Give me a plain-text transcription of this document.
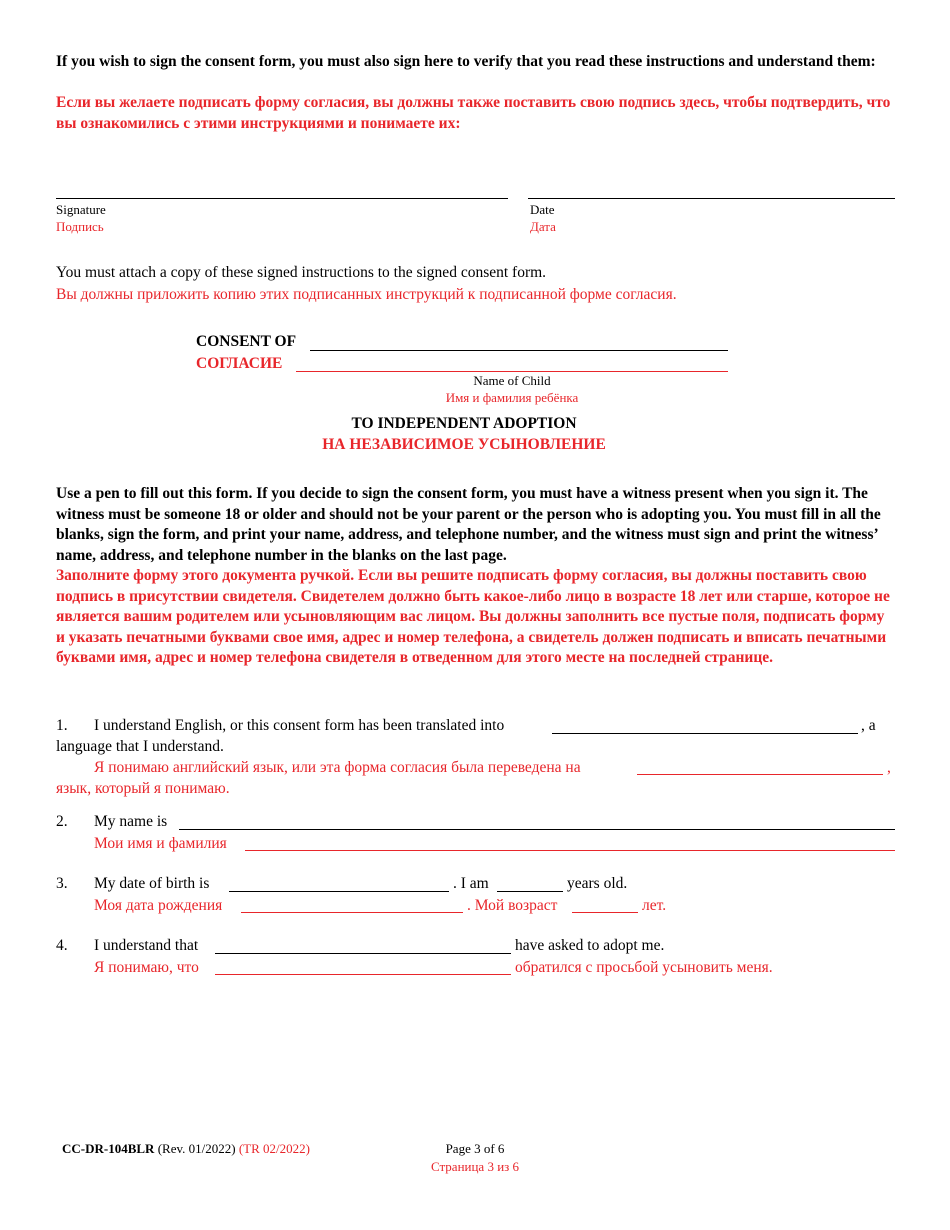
If you wish to sign the consent form, you must also sign here to verify that you read these instructions and understand them:
Если вы желаете подписать форму согласия, вы должны также поставить свою подпись здесь, чтобы подтвердить, что вы ознакомились с этими инструкциями и понимаете их:
Signature
Подпись
Date
Дата
You must attach a copy of these signed instructions to the signed consent form.
Вы должны приложить копию этих подписанных инструкций к подписанной форме согласия.
CONSENT OF
СОГЛАСИЕ
Name of Child
Имя и фамилия ребёнка
TO INDEPENDENT ADOPTION
НА НЕЗАВИСИМОЕ УСЫНОВЛЕНИЕ
Use a pen to fill out this form. If you decide to sign the consent form, you must have a witness present when you sign it. The witness must be someone 18 or older and should not be your parent or the person who is adopting you. You must fill in all the blanks, sign the form, and print your name, address, and telephone number, and the witness must sign and print the witness’ name, address, and telephone number in the blanks on the last page.
Заполните форму этого документа ручкой. Если вы решите подписать форму согласия, вы должны поставить свою подпись в присутствии свидетеля. Свидетелем должно быть какое-либо лицо в возрасте 18 лет или старше, которое не является вашим родителем или усыновляющим вас лицом. Вы должны заполнить все пустые поля, подписать форму и указать печатными буквами свое имя, адрес и номер телефона, а свидетель должен подписать и вписать печатными буквами имя, адрес и номер телефона свидетеля в отведенном для этого месте на последней странице.
1. I understand English, or this consent form has been translated into	, a
language that I understand.
Я понимаю английский язык, или эта форма согласия была переведена на	,
язык, который я понимаю.
2. My name is
Мои имя и фамилия
3. My date of birth is	. I am	years old.
Моя дата рождения	. Мой возраст	лет.
4. I understand that	have asked to adopt me.
Я понимаю, что	обратился с просьбой усыновить меня.
CC-DR-104BLR (Rev. 01/2022) (TR 02/2022)	Page 3 of 6
Страница 3 из 6
